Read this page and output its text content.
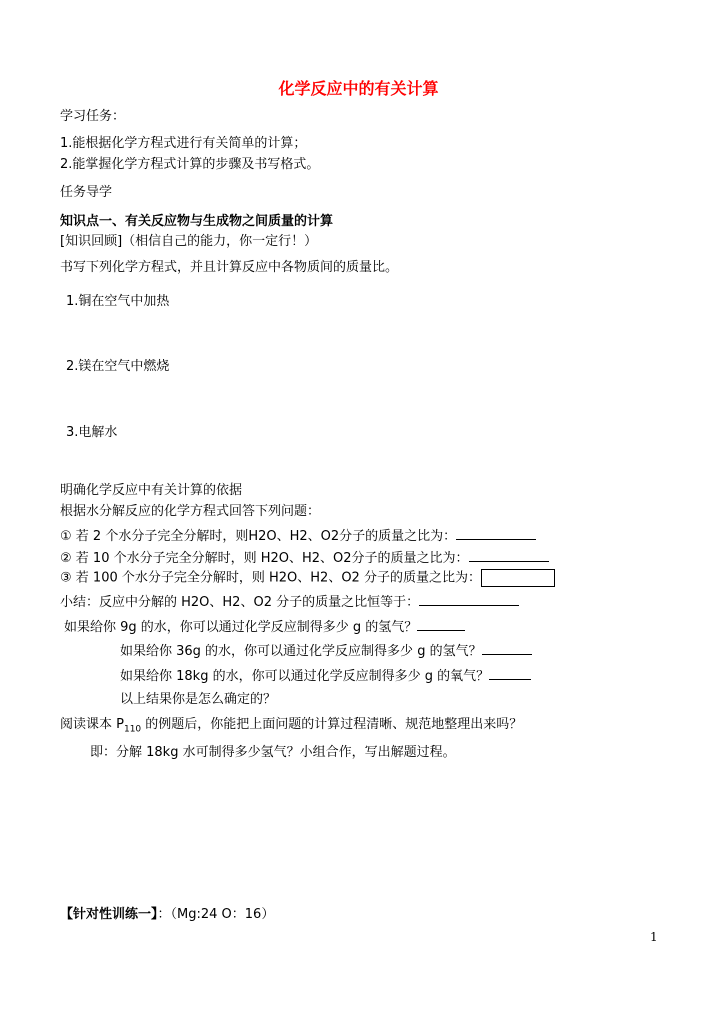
化学反应中的有关计算
学习任务：
1.能根据化学方程式进行有关简单的计算；
2.能掌握化学方程式计算的步骤及书写格式。
任务导学
知识点一、有关反应物与生成物之间质量的计算
[知识回顾]（相信自己的能力，你一定行！）
书写下列化学方程式，并且计算反应中各物质间的质量比。
1.铜在空气中加热
2.镁在空气中燃烧
3.电解水
明确化学反应中有关计算的依据
根据水分解反应的化学方程式回答下列问题：
① 若 2 个水分子完全分解时，则H2O、H2、O2分子的质量之比为：
② 若 10 个水分子完全分解时，则 H2O、H2、O2分子的质量之比为：
③ 若 100 个水分子完全分解时，则 H2O、H2、O2 分子的质量之比为：
小结：反应中分解的 H2O、H2、O2 分子的质量之比恒等于：
如果给你 9g 的水，你可以通过化学反应制得多少 g 的氢气？
如果给你 36g 的水，你可以通过化学反应制得多少 g 的氢气？
如果给你 18kg 的水，你可以通过化学反应制得多少 g 的氧气？
以上结果你是怎么确定的？
阅读课本 $P_{110}$ 的例题后，你能把上面问题的计算过程清晰、规范地整理出来吗？
即：分解 18kg 水可制得多少氢气？小组合作，写出解题过程。
【针对性训练一】：（Mg:24 O：16）
1
